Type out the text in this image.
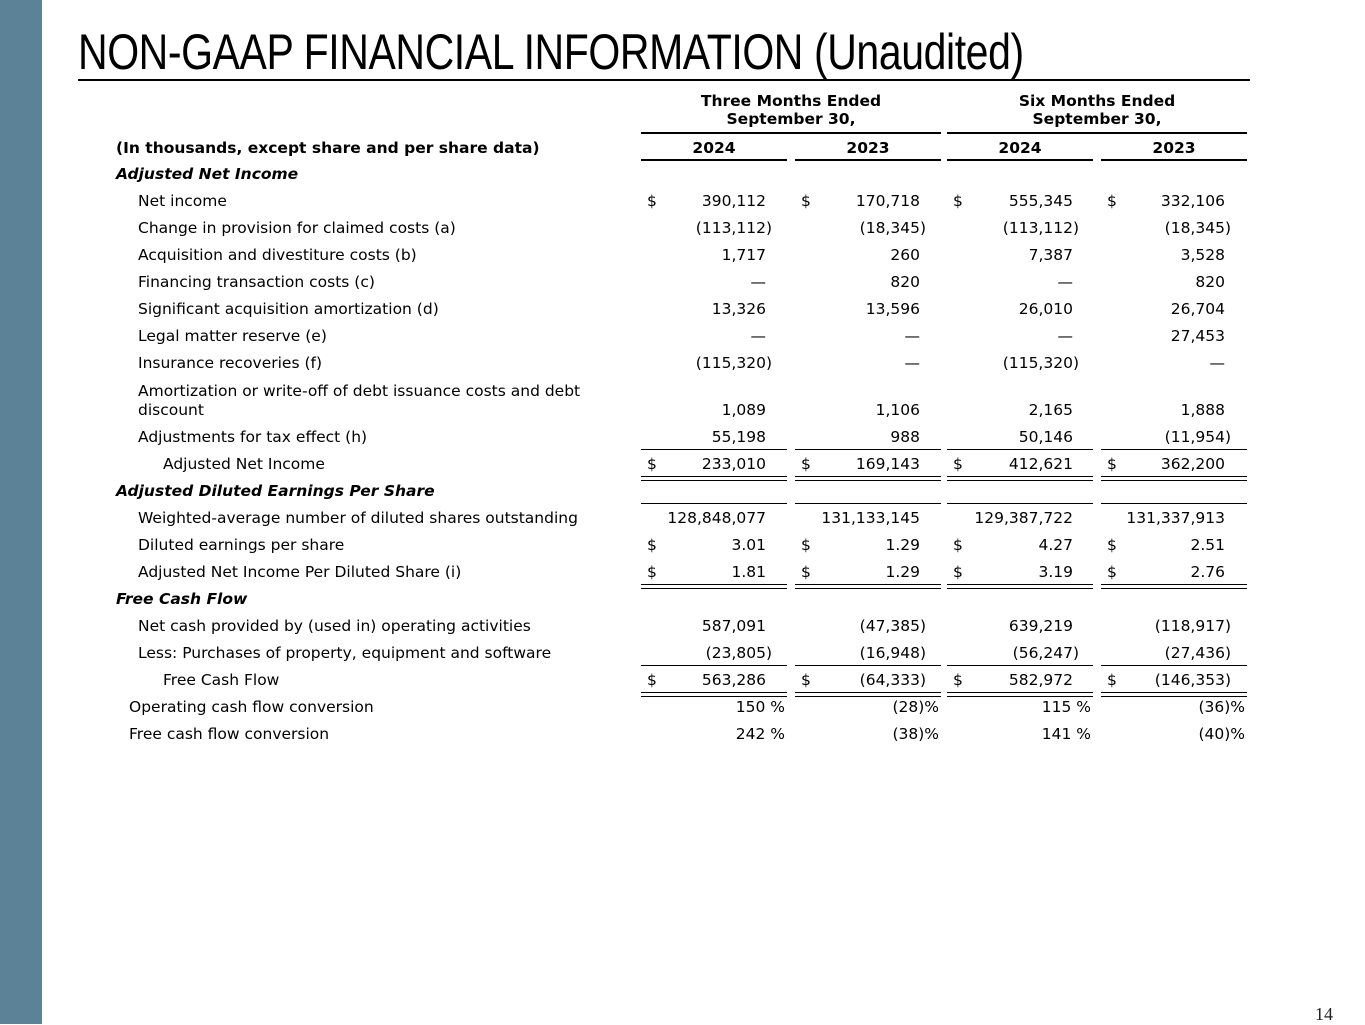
NON-GAAP FINANCIAL INFORMATION (Unaudited)
Three Months Ended
September 30,
Six Months Ended
September 30,
(In thousands, except share and per share data)	2024	2023	2024	2023
Adjusted Net Income
Net income	$	390,112 $	170,718 $	555,345 $	332,106
Change in provision for claimed costs (a)	(113,112)	(18,345)	(113,112)	(18,345)
Acquisition and divestiture costs (b)	1,717	260	7,387	3,528
Financing transaction costs (c)	—	820	—	820
Significant acquisition amortization (d)	13,326	13,596	26,010	26,704
Legal matter reserve (e)	—	—	—	27,453
Insurance recoveries (f)	(115,320)	—	(115,320)	—
Amortization or write-off of debt issuance costs and debt
discount	1,089	1,106	2,165	1,888
Adjustments for tax effect (h)	55,198	988	50,146	(11,954)
Adjusted Net Income	$	233,010 $	169,143 $	412,621 $	362,200
Adjusted Diluted Earnings Per Share
Weighted-average number of diluted shares outstanding	128,848,077	131,133,145	129,387,722	131,337,913
Diluted earnings per share	$	3.01 $	1.29 $	4.27 $	2.51
Adjusted Net Income Per Diluted Share (i)	$	1.81 $	1.29 $	3.19 $	2.76
Free Cash Flow
Net cash provided by (used in) operating activities	587,091	(47,385)	639,219	(118,917)
Less: Purchases of property, equipment and software	(23,805)	(16,948)	(56,247)	(27,436)
Free Cash Flow	$	563,286 $	(64,333) $	582,972 $	(146,353)
Operating cash flow conversion	150 %	(28)%	115 %	(36)%
Free cash flow conversion	242 %	(38)%	141 %	(40)%
14
